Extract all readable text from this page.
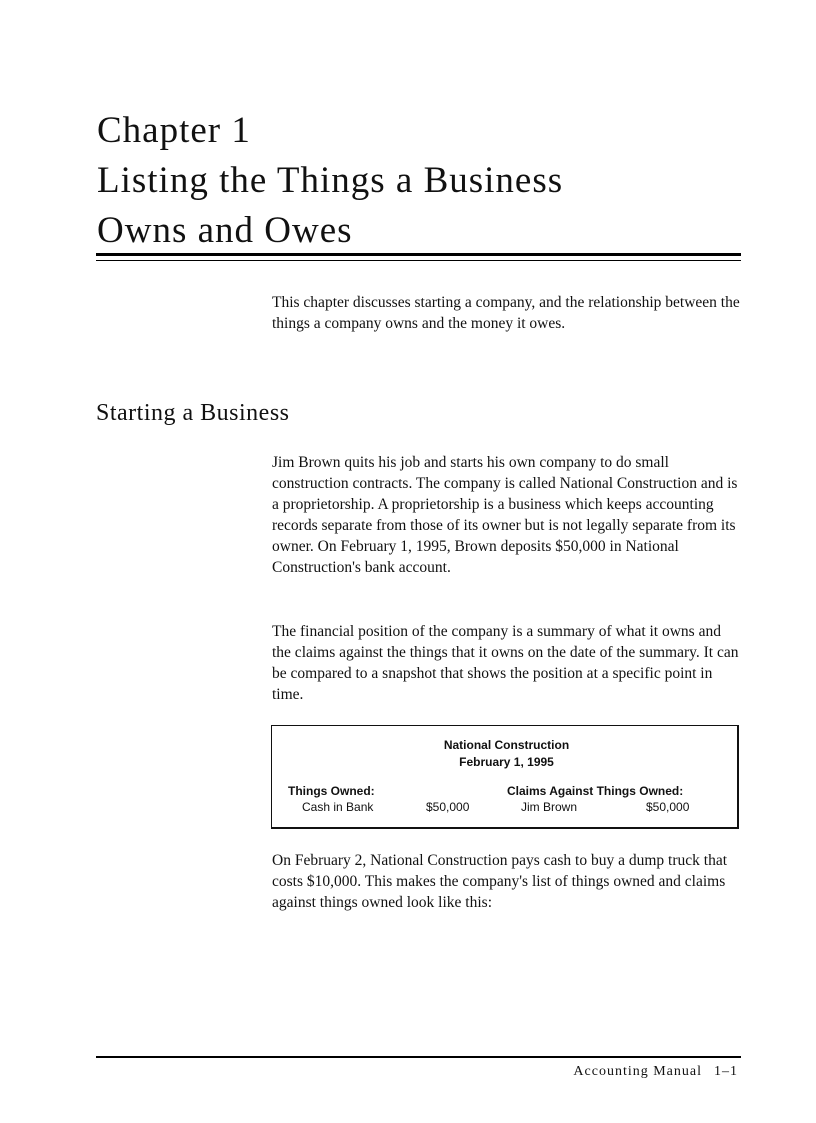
Chapter 1
Listing the Things a Business
Owns and Owes

This chapter discusses starting a company, and the relationship between the things a company owns and the money it owes.

Starting a Business

Jim Brown quits his job and starts his own company to do small construction contracts. The company is called National Construction and is a proprietorship. A proprietorship is a business which keeps accounting records separate from those of its owner but is not legally separate from its owner. On February 1, 1995, Brown deposits $50,000 in National Construction's bank account.

The financial position of the company is a summary of what it owns and the claims against the things that it owns on the date of the summary. It can be compared to a snapshot that shows the position at a specific point in time.

National Construction
February 1, 1995
Things Owned:	Claims Against Things Owned:
Cash in Bank	$50,000	Jim Brown	$50,000

On February 2, National Construction pays cash to buy a dump truck that costs $10,000. This makes the company's list of things owned and claims against things owned look like this:

Accounting Manual 1–1
